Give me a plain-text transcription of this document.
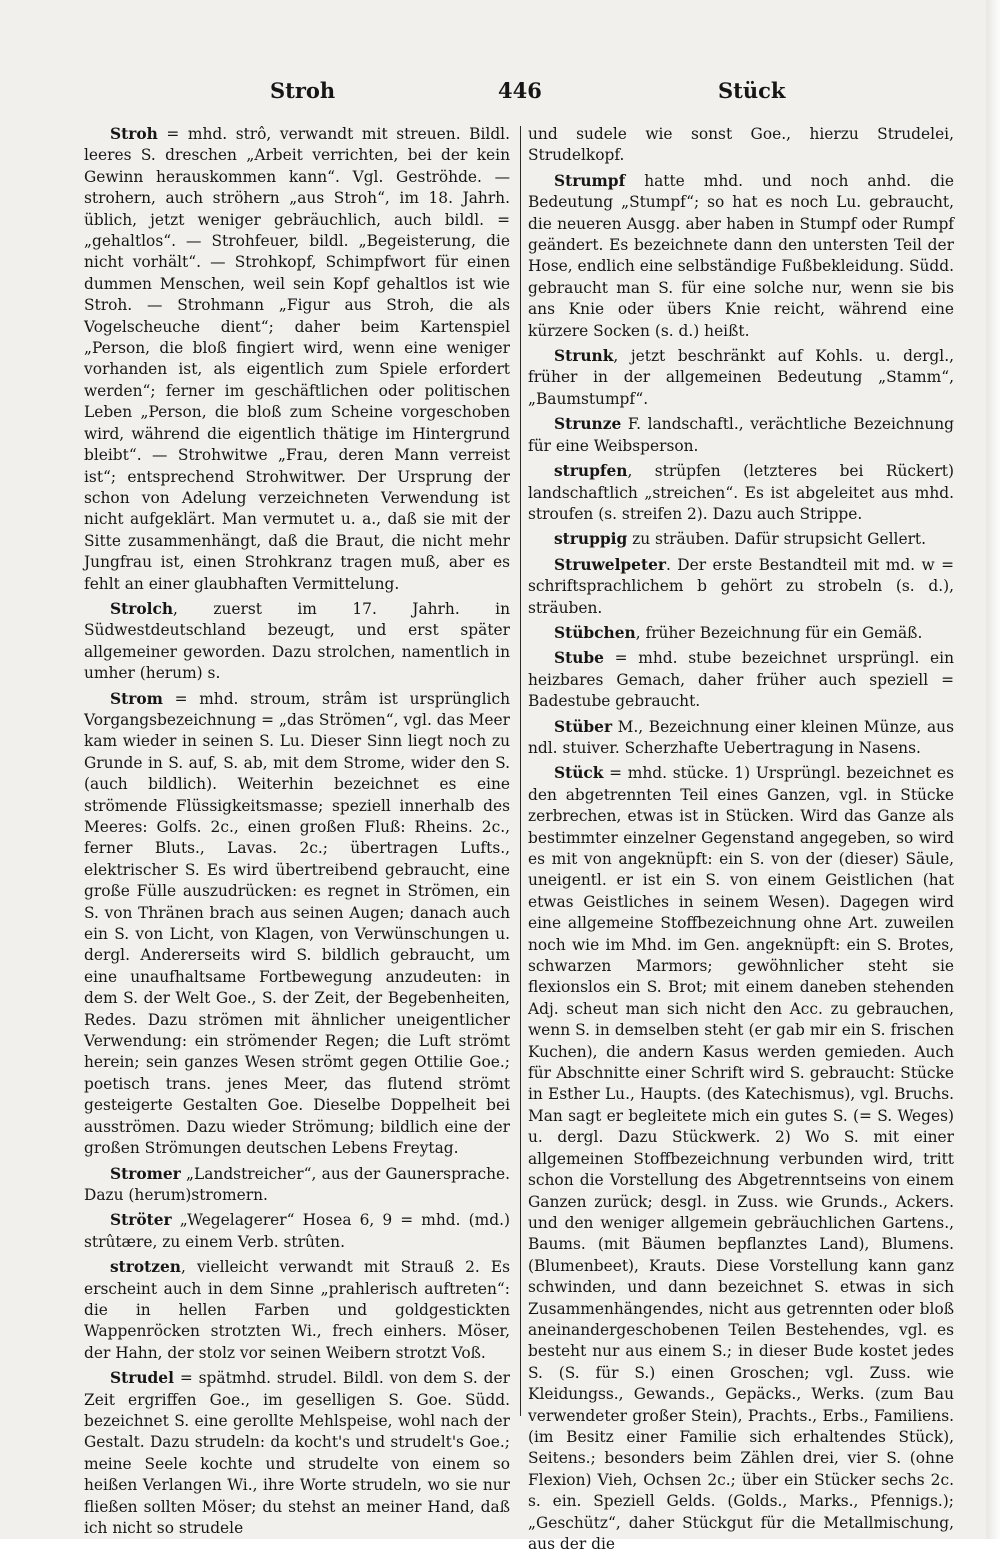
Stroh	446	Stück

Stroh = mhd. strô, verwandt mit streuen. Bildl. leeres S. dreschen „Arbeit verrichten, bei der kein Gewinn herauskommen kann“. Vgl. Geströhde. — strohern, auch ströhern „aus Stroh“, im 18. Jahrh. üblich, jetzt weniger gebräuchlich, auch bildl. = „gehaltlos“. — Strohfeuer, bildl. „Begeisterung, die nicht vorhält“. — Strohkopf, Schimpfwort für einen dummen Menschen, weil sein Kopf gehaltlos ist wie Stroh. — Strohmann „Figur aus Stroh, die als Vogelscheuche dient“; daher beim Kartenspiel „Person, die bloß fingiert wird, wenn eine weniger vorhanden ist, als eigentlich zum Spiele erfordert werden“; ferner im geschäftlichen oder politischen Leben „Person, die bloß zum Scheine vorgeschoben wird, während die eigentlich thätige im Hintergrund bleibt“. — Strohwitwe „Frau, deren Mann verreist ist“; entsprechend Strohwitwer. Der Ursprung der schon von Adelung verzeichneten Verwendung ist nicht aufgeklärt. Man vermutet u. a., daß sie mit der Sitte zusammenhängt, daß die Braut, die nicht mehr Jungfrau ist, einen Strohkranz tragen muß, aber es fehlt an einer glaubhaften Vermittelung.

Strolch, zuerst im 17. Jahrh. in Südwestdeutschland bezeugt, und erst später allgemeiner geworden. Dazu strolchen, namentlich in umher (herum) s.

Strom = mhd. stroum, strâm ist ursprünglich Vorgangsbezeichnung = „das Strömen“, vgl. das Meer kam wieder in seinen S. Lu. Dieser Sinn liegt noch zu Grunde in S. auf, S. ab, mit dem Strome, wider den S. (auch bildlich). Weiterhin bezeichnet es eine strömende Flüssigkeitsmasse; speziell innerhalb des Meeres: Golfs. 2c., einen großen Fluß: Rheins. 2c., ferner Bluts., Lavas. 2c.; übertragen Lufts., elektrischer S. Es wird übertreibend gebraucht, eine große Fülle auszudrücken: es regnet in Strömen, ein S. von Thränen brach aus seinen Augen; danach auch ein S. von Licht, von Klagen, von Verwünschungen u. dergl. Andererseits wird S. bildlich gebraucht, um eine unaufhaltsame Fortbewegung anzudeuten: in dem S. der Welt Goe., S. der Zeit, der Begebenheiten, Redes. Dazu strömen mit ähnlicher uneigentlicher Verwendung: ein strömender Regen; die Luft strömt herein; sein ganzes Wesen strömt gegen Ottilie Goe.; poetisch trans. jenes Meer, das flutend strömt gesteigerte Gestalten Goe. Dieselbe Doppelheit bei ausströmen. Dazu wieder Strömung; bildlich eine der großen Strömungen deutschen Lebens Freytag.

Stromer „Landstreicher“, aus der Gaunersprache. Dazu (herum)stromern.

Ströter „Wegelagerer“ Hosea 6, 9 = mhd. (md.) strûtære, zu einem Verb. strûten.

strotzen, vielleicht verwandt mit Strauß 2. Es erscheint auch in dem Sinne „prahlerisch auftreten“: die in hellen Farben und goldgestickten Wappenröcken strotzten Wi., frech einhers. Möser, der Hahn, der stolz vor seinen Weibern strotzt Voß.

Strudel = spätmhd. strudel. Bildl. von dem S. der Zeit ergriffen Goe., im geselligen S. Goe. Südd. bezeichnet S. eine gerollte Mehlspeise, wohl nach der Gestalt. Dazu strudeln: da kocht's und strudelt's Goe.; meine Seele kochte und strudelte von einem so heißen Verlangen Wi., ihre Worte strudeln, wo sie nur fließen sollten Möser; du stehst an meiner Hand, daß ich nicht so strudele

und sudele wie sonst Goe., hierzu Strudelei, Strudelkopf.

Strumpf hatte mhd. und noch anhd. die Bedeutung „Stumpf“; so hat es noch Lu. gebraucht, die neueren Ausgg. aber haben in Stumpf oder Rumpf geändert. Es bezeichnete dann den untersten Teil der Hose, endlich eine selbständige Fußbekleidung. Südd. gebraucht man S. für eine solche nur, wenn sie bis ans Knie oder übers Knie reicht, während eine kürzere Socken (s. d.) heißt.

Strunk, jetzt beschränkt auf Kohls. u. dergl., früher in der allgemeinen Bedeutung „Stamm“, „Baumstumpf“.

Strunze F. landschaftl., verächtliche Bezeichnung für eine Weibsperson.

strupfen, strüpfen (letzteres bei Rückert) landschaftlich „streichen“. Es ist abgeleitet aus mhd. stroufen (s. streifen 2). Dazu auch Strippe.

struppig zu sträuben. Dafür strupsicht Gellert.

Struwelpeter. Der erste Bestandteil mit md. w = schriftsprachlichem b gehört zu strobeln (s. d.), sträuben.

Stübchen, früher Bezeichnung für ein Gemäß.

Stube = mhd. stube bezeichnet ursprüngl. ein heizbares Gemach, daher früher auch speziell = Badestube gebraucht.

Stüber M., Bezeichnung einer kleinen Münze, aus ndl. stuiver. Scherzhafte Uebertragung in Nasens.

Stück = mhd. stücke. 1) Ursprüngl. bezeichnet es den abgetrennten Teil eines Ganzen, vgl. in Stücke zerbrechen, etwas ist in Stücken. Wird das Ganze als bestimmter einzelner Gegenstand angegeben, so wird es mit von angeknüpft: ein S. von der (dieser) Säule, uneigentl. er ist ein S. von einem Geistlichen (hat etwas Geistliches in seinem Wesen). Dagegen wird eine allgemeine Stoffbezeichnung ohne Art. zuweilen noch wie im Mhd. im Gen. angeknüpft: ein S. Brotes, schwarzen Marmors; gewöhnlicher steht sie flexionslos ein S. Brot; mit einem daneben stehenden Adj. scheut man sich nicht den Acc. zu gebrauchen, wenn S. in demselben steht (er gab mir ein S. frischen Kuchen), die andern Kasus werden gemieden. Auch für Abschnitte einer Schrift wird S. gebraucht: Stücke in Esther Lu., Haupts. (des Katechismus), vgl. Bruchs. Man sagt er begleitete mich ein gutes S. (= S. Weges) u. dergl. Dazu Stückwerk. 2) Wo S. mit einer allgemeinen Stoffbezeichnung verbunden wird, tritt schon die Vorstellung des Abgetrenntseins von einem Ganzen zurück; desgl. in Zuss. wie Grunds., Ackers. und den weniger allgemein gebräuchlichen Gartens., Baums. (mit Bäumen bepflanztes Land), Blumens. (Blumenbeet), Krauts. Diese Vorstellung kann ganz schwinden, und dann bezeichnet S. etwas in sich Zusammenhängendes, nicht aus getrennten oder bloß aneinandergeschobenen Teilen Bestehendes, vgl. es besteht nur aus einem S.; in dieser Bude kostet jedes S. (S. für S.) einen Groschen; vgl. Zuss. wie Kleidungss., Gewands., Gepäcks., Werks. (zum Bau verwendeter großer Stein), Prachts., Erbs., Familiens. (im Besitz einer Familie sich erhaltendes Stück), Seitens.; besonders beim Zählen drei, vier S. (ohne Flexion) Vieh, Ochsen 2c.; über ein Stücker sechs 2c. s. ein. Speziell Gelds. (Golds., Marks., Pfennigs.); „Geschütz“, daher Stückgut für die Metallmischung, aus der die
